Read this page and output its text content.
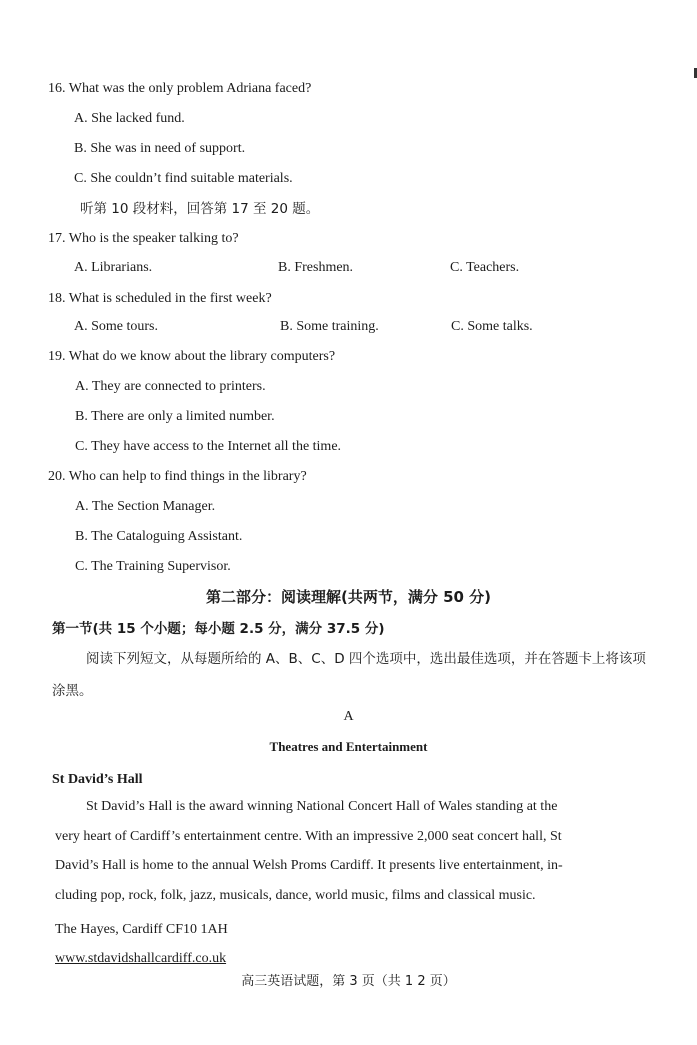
16. What was the only problem Adriana faced?
A. She lacked fund.
B. She was in need of support.
C. She couldn’t find suitable materials.
听第 10 段材料，回答第 17 至 20 题。
17. Who is the speaker talking to?
A. Librarians.	B. Freshmen.	C. Teachers.
18. What is scheduled in the first week?
A. Some tours.	B. Some training.	C. Some talks.
19. What do we know about the library computers?
A. They are connected to printers.
B. There are only a limited number.
C. They have access to the Internet all the time.
20. Who can help to find things in the library?
A. The Section Manager.
B. The Cataloguing Assistant.
C. The Training Supervisor.
第二部分：阅读理解(共两节，满分 50 分)
第一节(共 15 个小题；每小题 2.5 分，满分 37.5 分)
阅读下列短文，从每题所给的 A、B、C、D 四个选项中，选出最佳选项，并在答题卡上将该项
涂黑。
A
Theatres and Entertainment
St David’s Hall
St David’s Hall is the award winning National Concert Hall of Wales standing at the
very heart of Cardiff’s entertainment centre. With an impressive 2,000 seat concert hall, St
David’s Hall is home to the annual Welsh Proms Cardiff. It presents live entertainment, in-
cluding pop, rock, folk, jazz, musicals, dance, world music, films and classical music.
The Hayes, Cardiff CF10 1AH
www.stdavidshallcardiff.co.uk
高三英语试题，第 3 页（共 1 2 页）
